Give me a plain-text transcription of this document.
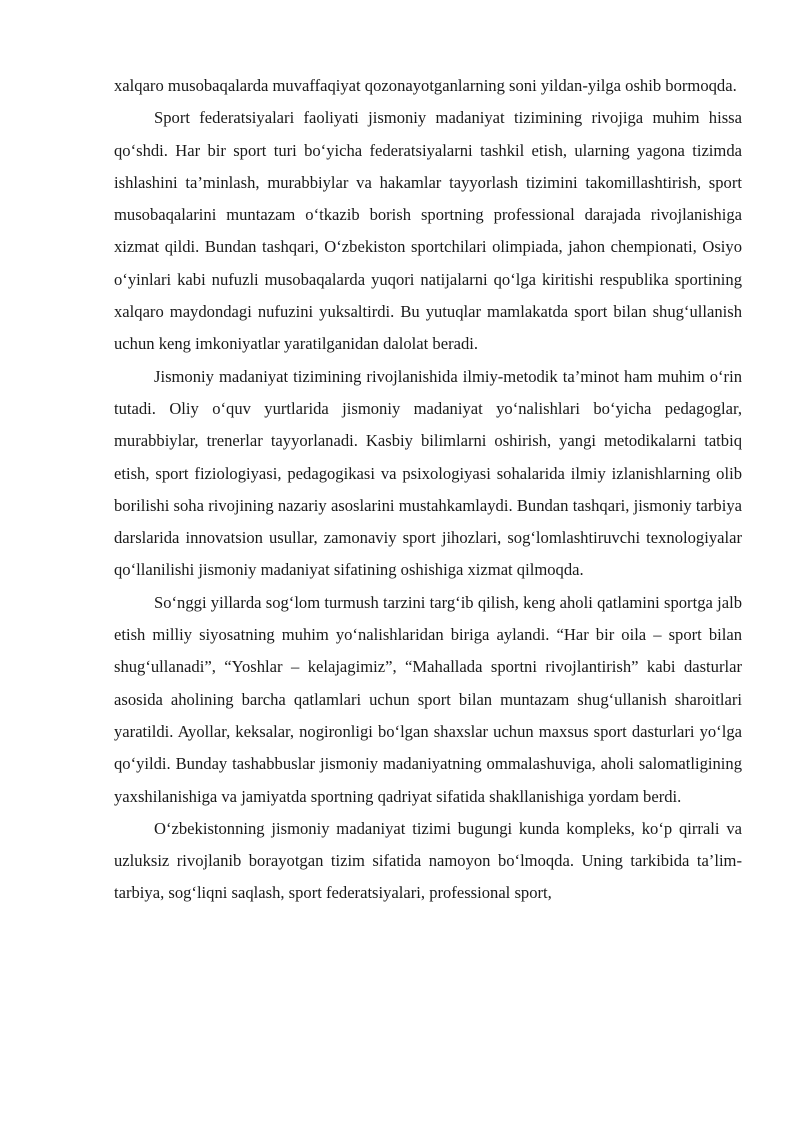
xalqaro musobaqalarda muvaffaqiyat qozonayotganlarning soni yildan-yilga oshib bormoqda.

Sport federatsiyalari faoliyati jismoniy madaniyat tizimining rivojiga muhim hissa qo‘shdi. Har bir sport turi bo‘yicha federatsiyalarni tashkil etish, ularning yagona tizimda ishlashini ta’minlash, murabbiylar va hakamlar tayyorlash tizimini takomillashtirish, sport musobaqalarini muntazam o‘tkazib borish sportning professional darajada rivojlanishiga xizmat qildi. Bundan tashqari, O‘zbekiston sportchilari olimpiada, jahon chempionati, Osiyo o‘yinlari kabi nufuzli musobaqalarda yuqori natijalarni qo‘lga kiritishi respublika sportining xalqaro maydondagi nufuzini yuksaltirdi. Bu yutuqlar mamlakatda sport bilan shug‘ullanish uchun keng imkoniyatlar yaratilganidan dalolat beradi.

Jismoniy madaniyat tizimining rivojlanishida ilmiy-metodik ta’minot ham muhim o‘rin tutadi. Oliy o‘quv yurtlarida jismoniy madaniyat yo‘nalishlari bo‘yicha pedagoglar, murabbiylar, trenerlar tayyorlanadi. Kasbiy bilimlarni oshirish, yangi metodikalarni tatbiq etish, sport fiziologiyasi, pedagogikasi va psixologiyasi sohalarida ilmiy izlanishlarning olib borilishi soha rivojining nazariy asoslarini mustahkamlaydi. Bundan tashqari, jismoniy tarbiya darslarida innovatsion usullar, zamonaviy sport jihozlari, sog‘lomlashtiruvchi texnologiyalar qo‘llanilishi jismoniy madaniyat sifatining oshishiga xizmat qilmoqda.

So‘nggi yillarda sog‘lom turmush tarzini targ‘ib qilish, keng aholi qatlamini sportga jalb etish milliy siyosatning muhim yo‘nalishlaridan biriga aylandi. “Har bir oila – sport bilan shug‘ullanadi”, “Yoshlar – kelajagimiz”, “Mahallada sportni rivojlantirish” kabi dasturlar asosida aholining barcha qatlamlari uchun sport bilan muntazam shug‘ullanish sharoitlari yaratildi. Ayollar, keksalar, nogironligi bo‘lgan shaxslar uchun maxsus sport dasturlari yo‘lga qo‘yildi. Bunday tashabbuslar jismoniy madaniyatning ommalashuviga, aholi salomatligining yaxshilanishiga va jamiyatda sportning qadriyat sifatida shakllanishiga yordam berdi.

O‘zbekistonning jismoniy madaniyat tizimi bugungi kunda kompleks, ko‘p qirrali va uzluksiz rivojlanib borayotgan tizim sifatida namoyon bo‘lmoqda. Uning tarkibida ta’lim-tarbiya, sog‘liqni saqlash, sport federatsiyalari, professional sport,
